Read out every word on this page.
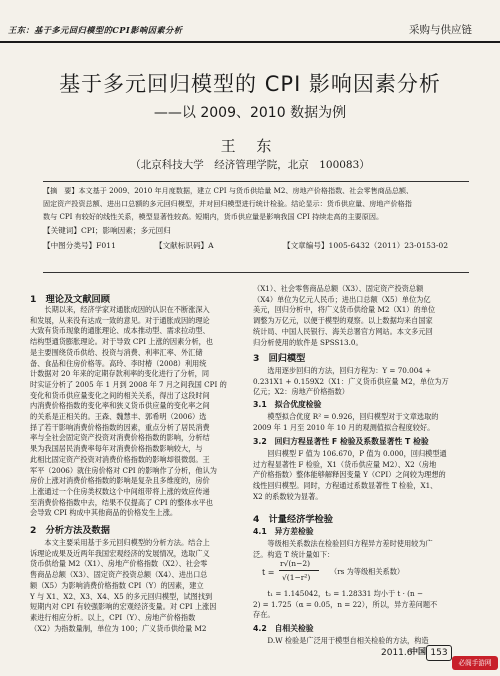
王东：基于多元回归模型的CPI影响因素分析	采购与供应链
基于多元回归模型的 CPI 影响因素分析
——以 2009、2010 数据为例
王 东
（北京科技大学　经济管理学院，北京　100083）
【摘　要】本文基于 2009、2010 年月度数据，建立 CPI 与货币供给量 M2、房地产价格指数、社会零售商品总额、
固定资产投资总额、进出口总额的多元回归模型，并对回归模型进行统计检验。结论显示：货币供应量、房地产价格指
数与 CPI 有较好的线性关系，模型显著性较高。短期内，货币供应量是影响我国 CPI 持续走高的主要原因。
【关键词】CPI；影响因素；多元回归
【中图分类号】F011	【文献标识码】A	【文章编号】1005-6432（2011）23-0153-02
1　理论及文献回顾
　　长期以来，经济学家对通胀成因的认识在不断涨深入
和发展，从来没有达成一致的意见。对于通胀成因的理论
大致有货币现象的通胀理论、成本推动型、需求拉动型、
结构型通货膨胀理论。对于导致 CPI 上涨的因素分析，也
是主要围绕货币供给、投资与消费、利率汇率、外汇储
备、食品和住房价格等。高玲、李时椿（2008）利用统
计数据对 20 年来的定期存款利率的变化进行了分析，同
时实证分析了 2005 年 1 月到 2008 年 7 月之间我国 CPI 的
变化和货币供应量变化之间的相关关系，得出了这段时间
内消费价格指数的变化率和狭义货币供应量的变化率之间
的关系是正相关的。王森、魏慧丰、郭希明（2006）选
择了若干影响消费价格指数的因素，重点分析了居民消费
率与全社会固定资产投资对消费价格指数的影响，分析结
果为我国居民消费率每年对消费价格指数影响较大，与
此相比固定资产投资对消费价格指数的影响却很微弱。王
军平（2006）就住房价格对 CPI 的影响作了分析，他认为
房价上涨对消费价格指数的影响是复杂且多维度的，房价
上涨通过一个住房类权数这个中间组带将上涨的效应传递
至消费价格指数中去，结果不仅提高了 CPI 的整体水平也
会导致 CPI 构成中其他商品的价格发生上涨。
2　分析方法及数据
　　本文主要采用基于多元回归模型的分析方法。结合上
诉理论成果及近两年我国宏观经济的发展情况，选取广义
货币供给量 M2（X1）、房地产价格指数（X2）、社会零
售商品总额（X3）、固定资产投资总额（X4）、进出口总
额（X5）为影响消费价格指数 CPI（Y）的因素，建立
Y 与 X1、X2、X3、X4、X5 的多元回归模型，试图找到
短期内对 CPI 有较强影响的宏观经济变量。对 CPI 上涨因
素进行相应分析。以上，CPI（Y）、房地产价格指数
（X2）为指数量制，单位为 100；广义货币供给量 M2
（X1）、社会零售商品总额（X3）、固定资产投资总额
（X4）单位为亿元人民币；进出口总额（X5）单位为亿
美元，回归分析中，将广义货币供给量 M2（X1）的单位
调整为万亿元，以便于模型的观察。以上数据均来自国家
统计局、中国人民银行、海关总署官方网站。本文多元回
归分析使用的软件是 SPSS13.0。
3　回归模型
　　选用逐步回归的方法，回归方程为：Y = 70.004 +
0.231X1 + 0.159X2（X1：广义货币供应量 M2，单位为万
亿元；X2：房地产价格指数）
3.1　拟合优度检验
　　模型拟合优度 R² = 0.926，回归模型对于文章选取的
2009 年 1 月至 2010 年 10 月的观测值拟合程度较好。
3.2　回归方程显著性 F 检验及系数显著性 T 检验
　　回归模型 F 值为 106.670，P 值为 0.000，回归模型通
过方程显著性 F 检验，X1（货币供应量 M2）、X2（房地
产价格指数）整体能够解释因变量 Y（CPI）之间较为理想的
线性回归模型。同时，方程通过系数显著性 T 检验，X1、
X2 的系数较为显著。
4　计量经济学检验
4.1　异方差检验
　　等级相关系数法在检验回归方程异方差时使用较为广
泛。构造 T 统计量如下：
t =
r√(n−2)
√(1−r²)
（rs 为等级相关系数）
　　t₁ = 1.145042，t₂ = 1.28331 均小于 t · (n −
2) = 1.725（α = 0.05，n = 22），所以，异方差问题不
存在。
4.2　自相关检验
　　D.W 检验是广泛用于模型自相关检验的方法，构造
2011.6
中国 153
必阁手游网
